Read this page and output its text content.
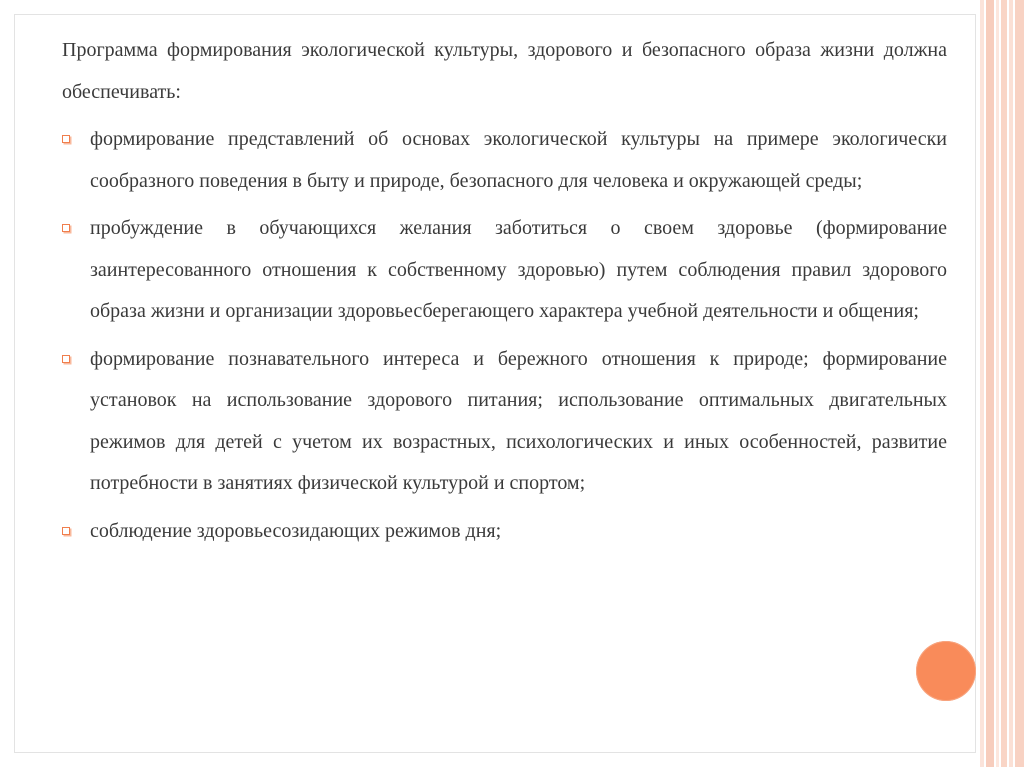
Программа формирования экологической культуры, здорового и безопасного образа жизни должна обеспечивать:

формирование представлений об основах экологической культуры на примере экологически сообразного поведения в быту и природе, безопасного для человека и окружающей среды;
пробуждение в обучающихся желания заботиться о своем здоровье (формирование заинтересованного отношения к собственному здоровью) путем соблюдения правил здорового образа жизни и организации здоровьесберегающего характера учебной деятельности и общения;
формирование познавательного интереса и бережного отношения к природе; формирование установок на использование здорового питания; использование оптимальных двигательных режимов для детей с учетом их возрастных, психологических и иных особенностей, развитие потребности в занятиях физической культурой и спортом;
соблюдение здоровьесозидающих режимов дня;
